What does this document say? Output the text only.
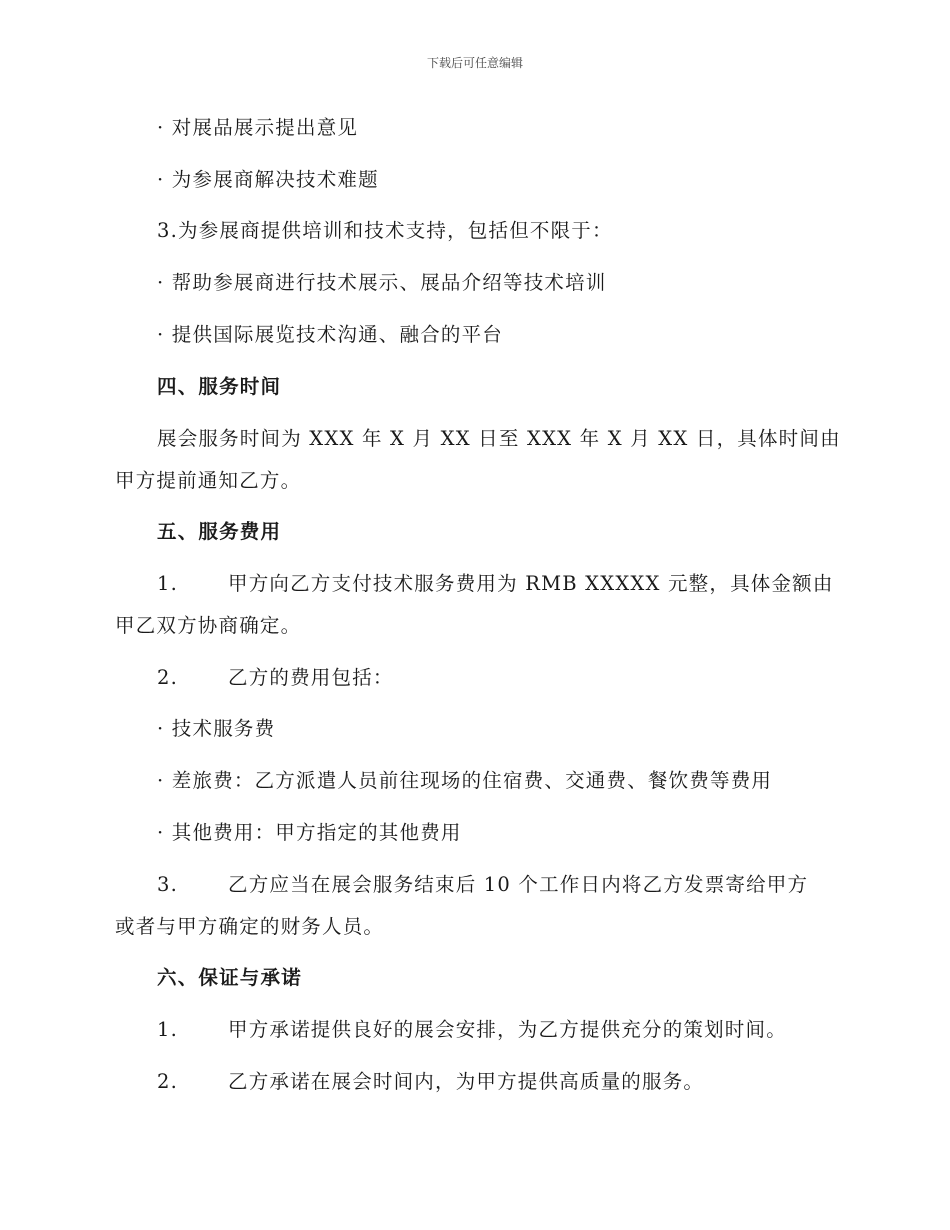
下载后可任意编辑
· 对展品展示提出意见
· 为参展商解决技术难题
3.为参展商提供培训和技术支持，包括但不限于：
· 帮助参展商进行技术展示、展品介绍等技术培训
· 提供国际展览技术沟通、融合的平台
四、服务时间
展会服务时间为 XXX 年 X 月 XX 日至 XXX 年 X 月 XX 日，具体时间由
甲方提前通知乙方。
五、服务费用
1.	甲方向乙方支付技术服务费用为 RMB XXXXX 元整，具体金额由
甲乙双方协商确定。
2.	乙方的费用包括：
· 技术服务费
· 差旅费：乙方派遣人员前往现场的住宿费、交通费、餐饮费等费用
· 其他费用：甲方指定的其他费用
3.	乙方应当在展会服务结束后 10 个工作日内将乙方发票寄给甲方
或者与甲方确定的财务人员。
六、保证与承诺
1.	甲方承诺提供良好的展会安排，为乙方提供充分的策划时间。
2.	乙方承诺在展会时间内，为甲方提供高质量的服务。
